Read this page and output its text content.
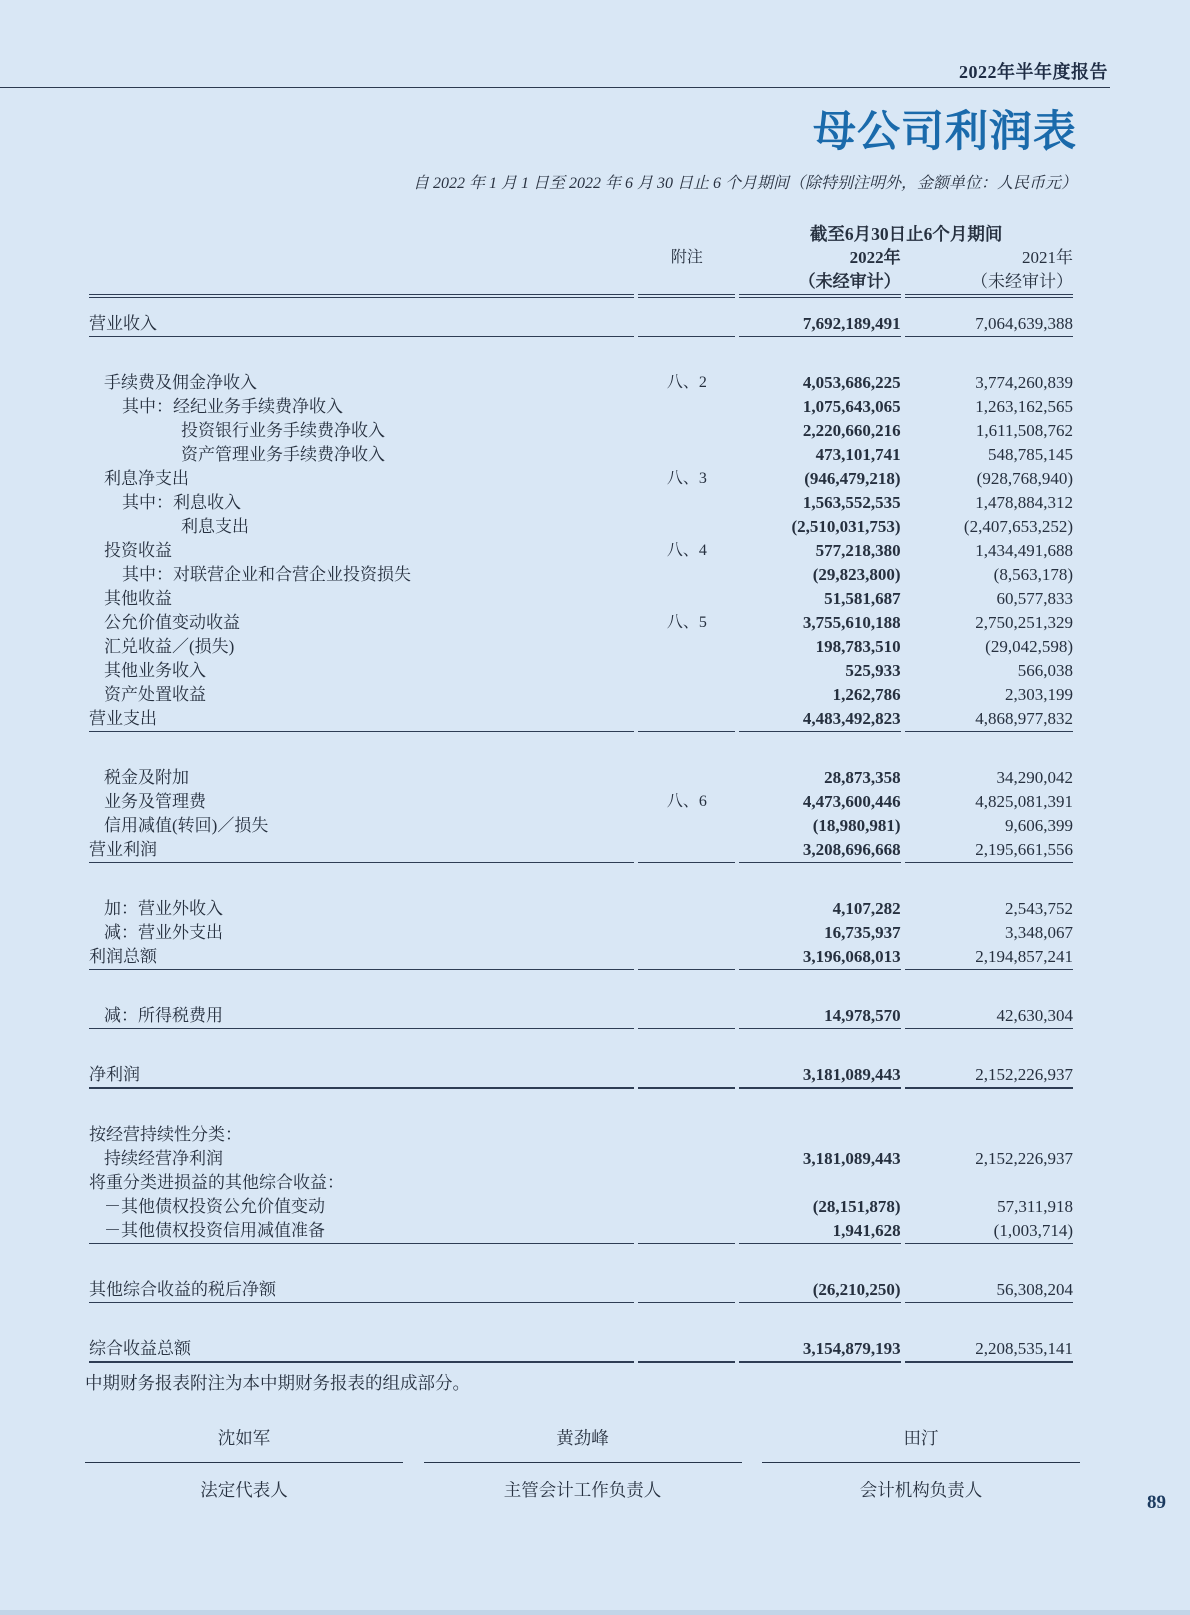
2022年半年度报告
母公司利润表
自 2022 年 1 月 1 日至 2022 年 6 月 30 日止 6 个月期间（除特别注明外，金额单位：人民币元）
		截至6月30日止6个月期间	
	附注	2022年	2021年
		（未经审计）	（未经审计）

营业收入		7,692,189,491	7,064,639,388

手续费及佣金净收入	八、2	4,053,686,225	3,774,260,839
其中：经纪业务手续费净收入		1,075,643,065	1,263,162,565
投资银行业务手续费净收入		2,220,660,216	1,611,508,762
资产管理业务手续费净收入		473,101,741	548,785,145
利息净支出	八、3	(946,479,218)	(928,768,940)
其中：利息收入		1,563,552,535	1,478,884,312
利息支出		(2,510,031,753)	(2,407,653,252)
投资收益	八、4	577,218,380	1,434,491,688
其中：对联营企业和合营企业投资损失		(29,823,800)	(8,563,178)
其他收益		51,581,687	60,577,833
公允价值变动收益	八、5	3,755,610,188	2,750,251,329
汇兑收益／(损失)		198,783,510	(29,042,598)
其他业务收入		525,933	566,038
资产处置收益		1,262,786	2,303,199
营业支出		4,483,492,823	4,868,977,832

税金及附加		28,873,358	34,290,042
业务及管理费	八、6	4,473,600,446	4,825,081,391
信用减值(转回)／损失		(18,980,981)	9,606,399
营业利润		3,208,696,668	2,195,661,556

加：营业外收入		4,107,282	2,543,752
减：营业外支出		16,735,937	3,348,067
利润总额		3,196,068,013	2,194,857,241

减：所得税费用		14,978,570	42,630,304

净利润		3,181,089,443	2,152,226,937

按经营持续性分类：			
持续经营净利润		3,181,089,443	2,152,226,937
将重分类进损益的其他综合收益：			
－其他债权投资公允价值变动		(28,151,878)	57,311,918
－其他债权投资信用减值准备		1,941,628	(1,003,714)

其他综合收益的税后净额		(26,210,250)	56,308,204

综合收益总额		3,154,879,193	2,208,535,141
中期财务报表附注为本中期财务报表的组成部分。
沈如军
法定代表人
黄劲峰
主管会计工作负责人
田汀
会计机构负责人
89
